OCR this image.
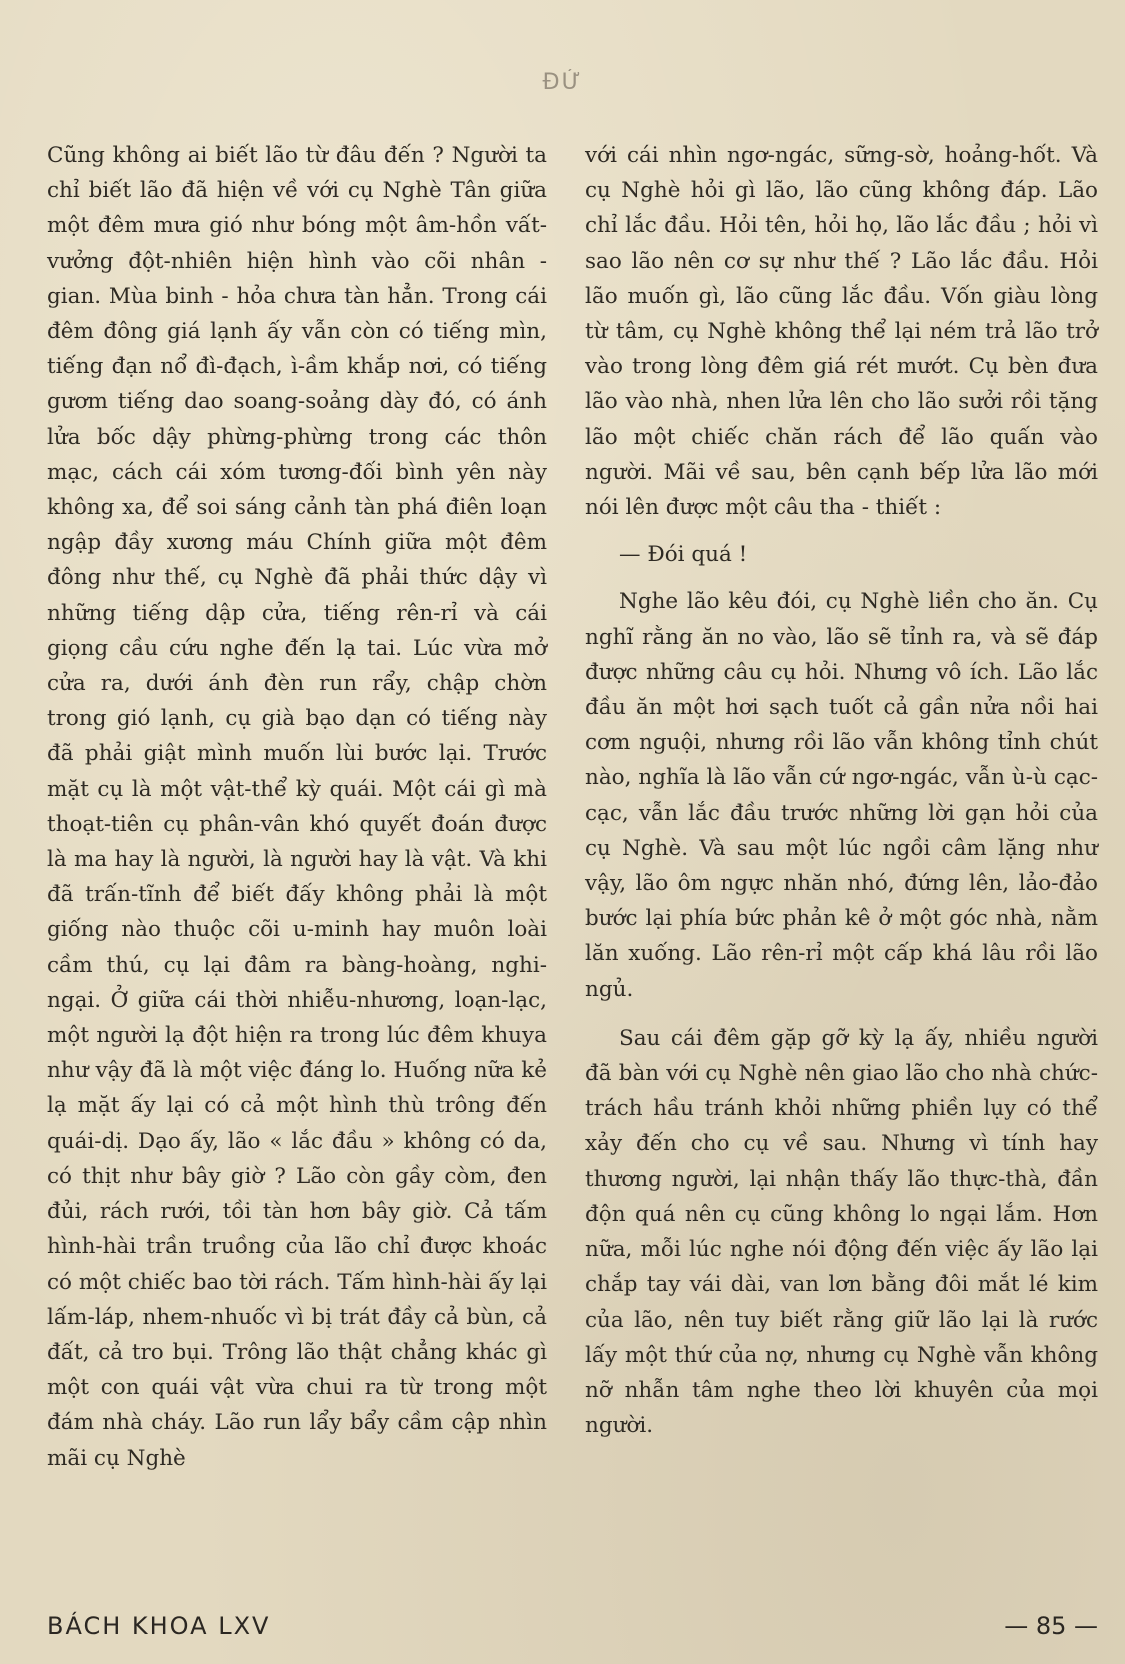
ĐỨ

Cũng không ai biết lão từ đâu đến ? Người ta chỉ biết lão đã hiện về với cụ Nghè Tân giữa một đêm mưa gió như bóng một âm-hồn vất-vưởng đột-nhiên hiện hình vào cõi nhân - gian. Mùa binh - hỏa chưa tàn hẳn. Trong cái đêm đông giá lạnh ấy vẫn còn có tiếng mìn, tiếng đạn nổ đì-đạch, ì-ầm khắp nơi, có tiếng gươm tiếng dao soang-soảng dày đó, có ánh lửa bốc dậy phừng-phừng trong các thôn mạc, cách cái xóm tương-đối bình yên này không xa, để soi sáng cảnh tàn phá điên loạn ngập đầy xương máu Chính giữa một đêm đông như thế, cụ Nghè đã phải thức dậy vì những tiếng dập cửa, tiếng rên-rỉ và cái giọng cầu cứu nghe đến lạ tai. Lúc vừa mở cửa ra, dưới ánh đèn run rẩy, chập chờn trong gió lạnh, cụ già bạo dạn có tiếng này đã phải giật mình muốn lùi bước lại. Trước mặt cụ là một vật-thể kỳ quái. Một cái gì mà thoạt-tiên cụ phân-vân khó quyết đoán được là ma hay là người, là người hay là vật. Và khi đã trấn-tĩnh để biết đấy không phải là một giống nào thuộc cõi u-minh hay muôn loài cầm thú, cụ lại đâm ra bàng-hoàng, nghi-ngại. Ở giữa cái thời nhiễu-nhương, loạn-lạc, một người lạ đột hiện ra trong lúc đêm khuya như vậy đã là một việc đáng lo. Huống nữa kẻ lạ mặt ấy lại có cả một hình thù trông đến quái-dị. Dạo ấy, lão « lắc đầu » không có da, có thịt như bây giờ ? Lão còn gầy còm, đen đủi, rách rưới, tồi tàn hơn bây giờ. Cả tấm hình-hài trần truồng của lão chỉ được khoác có một chiếc bao tời rách. Tấm hình-hài ấy lại lấm-láp, nhem-nhuốc vì bị trát đầy cả bùn, cả đất, cả tro bụi. Trông lão thật chẳng khác gì một con quái vật vừa chui ra từ trong một đám nhà cháy. Lão run lẩy bẩy cầm cập nhìn mãi cụ Nghè

với cái nhìn ngơ-ngác, sững-sờ, hoảng-hốt. Và cụ Nghè hỏi gì lão, lão cũng không đáp. Lão chỉ lắc đầu. Hỏi tên, hỏi họ, lão lắc đầu ; hỏi vì sao lão nên cơ sự như thế ? Lão lắc đầu. Hỏi lão muốn gì, lão cũng lắc đầu. Vốn giàu lòng từ tâm, cụ Nghè không thể lại ném trả lão trở vào trong lòng đêm giá rét mướt. Cụ bèn đưa lão vào nhà, nhen lửa lên cho lão sưởi rồi tặng lão một chiếc chăn rách để lão quấn vào người. Mãi về sau, bên cạnh bếp lửa lão mới nói lên được một câu tha - thiết :

— Đói quá !

Nghe lão kêu đói, cụ Nghè liền cho ăn. Cụ nghĩ rằng ăn no vào, lão sẽ tỉnh ra, và sẽ đáp được những câu cụ hỏi. Nhưng vô ích. Lão lắc đầu ăn một hơi sạch tuốt cả gần nửa nồi hai cơm nguội, nhưng rồi lão vẫn không tỉnh chút nào, nghĩa là lão vẫn cứ ngơ-ngác, vẫn ù-ù cạc-cạc, vẫn lắc đầu trước những lời gạn hỏi của cụ Nghè. Và sau một lúc ngồi câm lặng như vậy, lão ôm ngực nhăn nhó, đứng lên, lảo-đảo bước lại phía bức phản kê ở một góc nhà, nằm lăn xuống. Lão rên-rỉ một cấp khá lâu rồi lão ngủ.

Sau cái đêm gặp gỡ kỳ lạ ấy, nhiều người đã bàn với cụ Nghè nên giao lão cho nhà chức-trách hầu tránh khỏi những phiền lụy có thể xảy đến cho cụ về sau. Nhưng vì tính hay thương người, lại nhận thấy lão thực-thà, đần độn quá nên cụ cũng không lo ngại lắm. Hơn nữa, mỗi lúc nghe nói động đến việc ấy lão lại chắp tay vái dài, van lơn bằng đôi mắt lé kim của lão, nên tuy biết rằng giữ lão lại là rước lấy một thứ của nợ, nhưng cụ Nghè vẫn không nỡ nhẫn tâm nghe theo lời khuyên của mọi người.

BÁCH KHOA LXV	— 85 —
